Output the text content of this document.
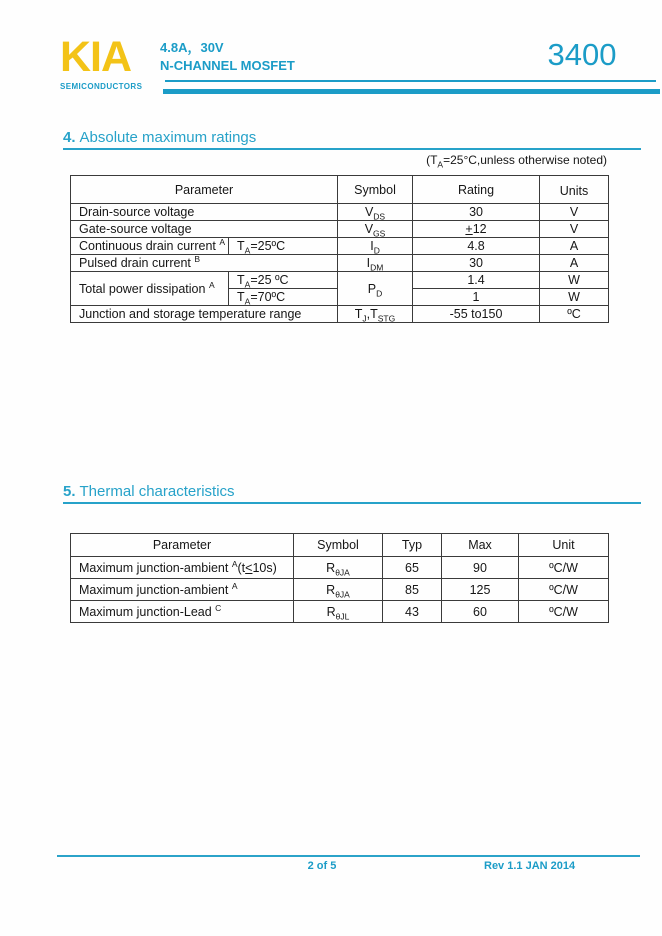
KIA
SEMICONDUCTORS
4.8A，30V
N-CHANNEL MOSFET	3400
4. Absolute maximum ratings
($T_A=25^\circ C,unless$ otherwise noted)
Parameter		Symbol	Rating	Units
Drain-source voltage		$V_{DS}$	30	V
Gate-source voltage		$V_{GS}$	+12	V
Continuous drain current $^A$	$T_A=25ºC$	$I_D$	4.8	A
Pulsed drain current $^B$		$I_{DM}$	30	A
Total power dissipation $^A$	$T_A=25$ ºC	$P_D$	1.4	W
	$T_A=70ºC$		1	W
Junction and storage temperature range		$T_J,T_{STG}$	-55 to150	ºC
5. Thermal characteristics
Parameter	Symbol	Typ	Max	Unit
Maximum junction-ambient $^A$(t<10s)	$R_{\theta JA}$	65	90	ºC/W
Maximum junction-ambient $^A$	$R_{\theta JA}$	85	125	ºC/W
Maximum junction-Lead $^C$	$R_{\theta JL}$	43	60	ºC/W
2 of 5	Rev 1.1 JAN 2014
